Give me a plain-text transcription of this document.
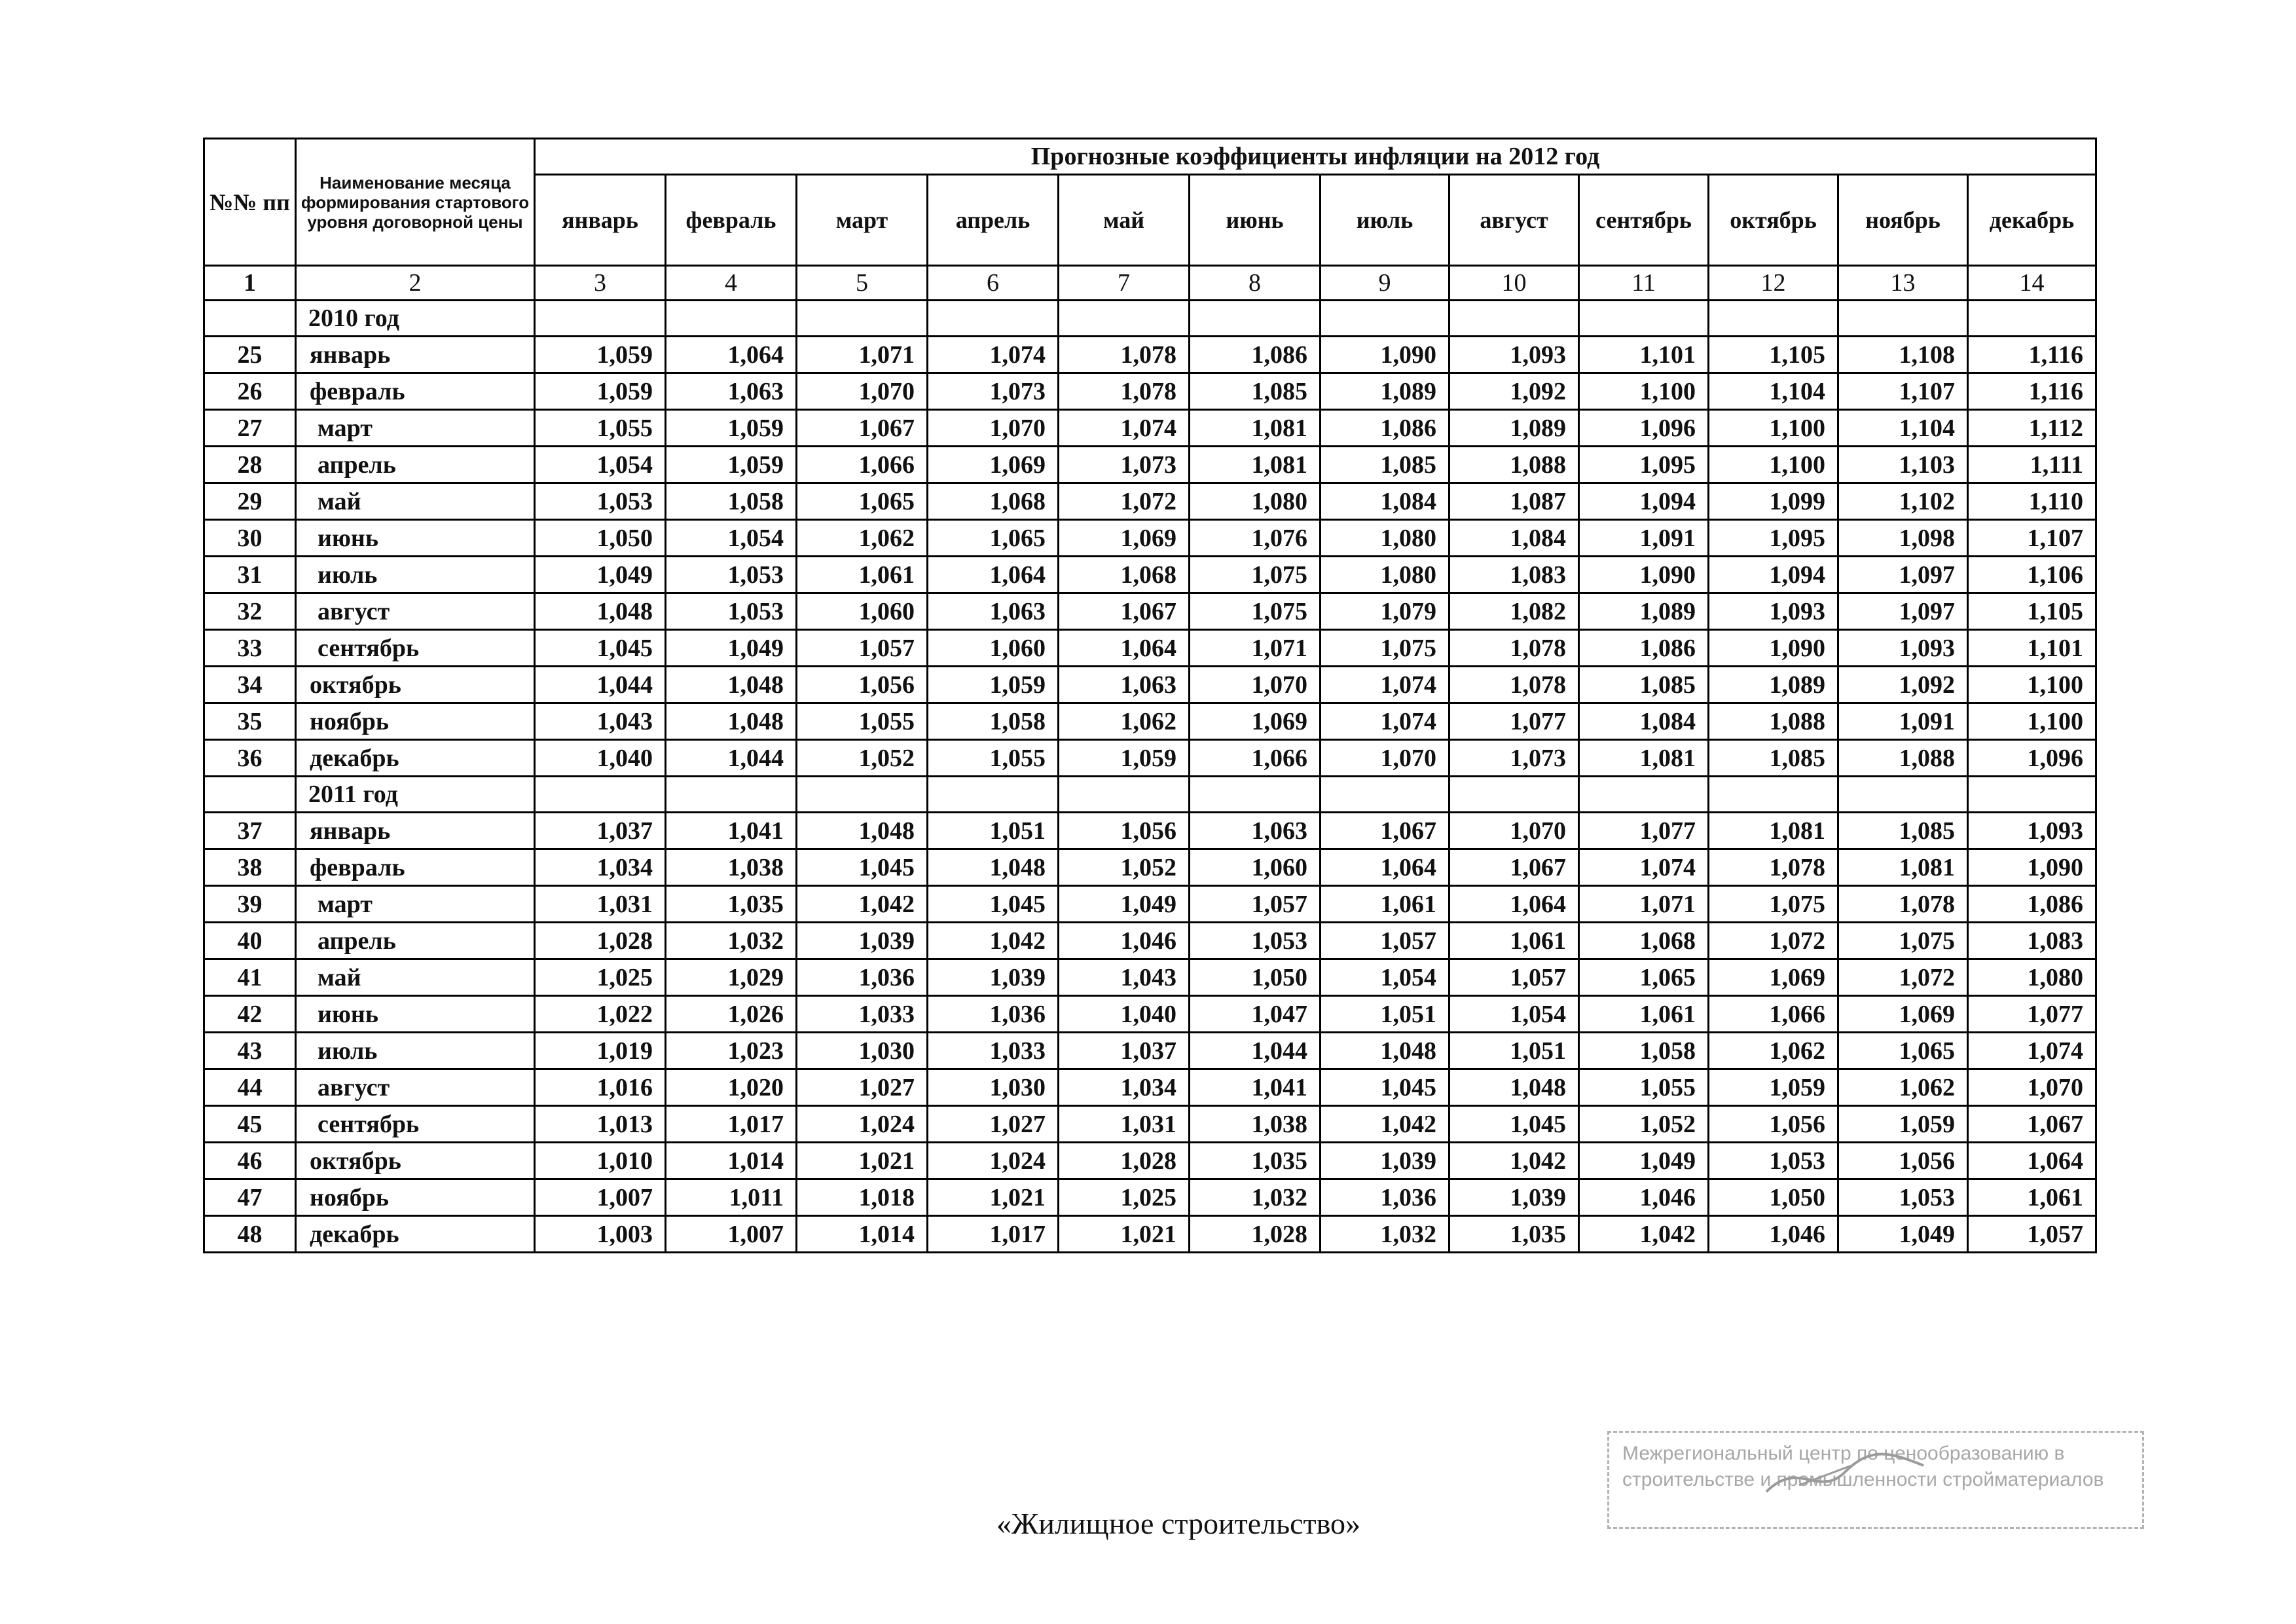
№№ пп	Наименование месяца формирования стартового уровня договорной цены	Прогнозные коэффициенты инфляции на 2012 год											
		январь	февраль	март	апрель	май	июнь	июль	август	сентябрь	октябрь	ноябрь	декабрь
1	2	3	4	5	6	7	8	9	10	11	12	13	14
	2010 год												
25	январь	1,059	1,064	1,071	1,074	1,078	1,086	1,090	1,093	1,101	1,105	1,108	1,116
26	февраль	1,059	1,063	1,070	1,073	1,078	1,085	1,089	1,092	1,100	1,104	1,107	1,116
27	март	1,055	1,059	1,067	1,070	1,074	1,081	1,086	1,089	1,096	1,100	1,104	1,112
28	апрель	1,054	1,059	1,066	1,069	1,073	1,081	1,085	1,088	1,095	1,100	1,103	1,111
29	май	1,053	1,058	1,065	1,068	1,072	1,080	1,084	1,087	1,094	1,099	1,102	1,110
30	июнь	1,050	1,054	1,062	1,065	1,069	1,076	1,080	1,084	1,091	1,095	1,098	1,107
31	июль	1,049	1,053	1,061	1,064	1,068	1,075	1,080	1,083	1,090	1,094	1,097	1,106
32	август	1,048	1,053	1,060	1,063	1,067	1,075	1,079	1,082	1,089	1,093	1,097	1,105
33	сентябрь	1,045	1,049	1,057	1,060	1,064	1,071	1,075	1,078	1,086	1,090	1,093	1,101
34	октябрь	1,044	1,048	1,056	1,059	1,063	1,070	1,074	1,078	1,085	1,089	1,092	1,100
35	ноябрь	1,043	1,048	1,055	1,058	1,062	1,069	1,074	1,077	1,084	1,088	1,091	1,100
36	декабрь	1,040	1,044	1,052	1,055	1,059	1,066	1,070	1,073	1,081	1,085	1,088	1,096
	2011 год												
37	январь	1,037	1,041	1,048	1,051	1,056	1,063	1,067	1,070	1,077	1,081	1,085	1,093
38	февраль	1,034	1,038	1,045	1,048	1,052	1,060	1,064	1,067	1,074	1,078	1,081	1,090
39	март	1,031	1,035	1,042	1,045	1,049	1,057	1,061	1,064	1,071	1,075	1,078	1,086
40	апрель	1,028	1,032	1,039	1,042	1,046	1,053	1,057	1,061	1,068	1,072	1,075	1,083
41	май	1,025	1,029	1,036	1,039	1,043	1,050	1,054	1,057	1,065	1,069	1,072	1,080
42	июнь	1,022	1,026	1,033	1,036	1,040	1,047	1,051	1,054	1,061	1,066	1,069	1,077
43	июль	1,019	1,023	1,030	1,033	1,037	1,044	1,048	1,051	1,058	1,062	1,065	1,074
44	август	1,016	1,020	1,027	1,030	1,034	1,041	1,045	1,048	1,055	1,059	1,062	1,070
45	сентябрь	1,013	1,017	1,024	1,027	1,031	1,038	1,042	1,045	1,052	1,056	1,059	1,067
46	октябрь	1,010	1,014	1,021	1,024	1,028	1,035	1,039	1,042	1,049	1,053	1,056	1,064
47	ноябрь	1,007	1,011	1,018	1,021	1,025	1,032	1,036	1,039	1,046	1,050	1,053	1,061
48	декабрь	1,003	1,007	1,014	1,017	1,021	1,028	1,032	1,035	1,042	1,046	1,049	1,057
«Жилищное строительство»
Межрегиональный центр по ценообразованию в
строительстве и промышленности стройматериалов
